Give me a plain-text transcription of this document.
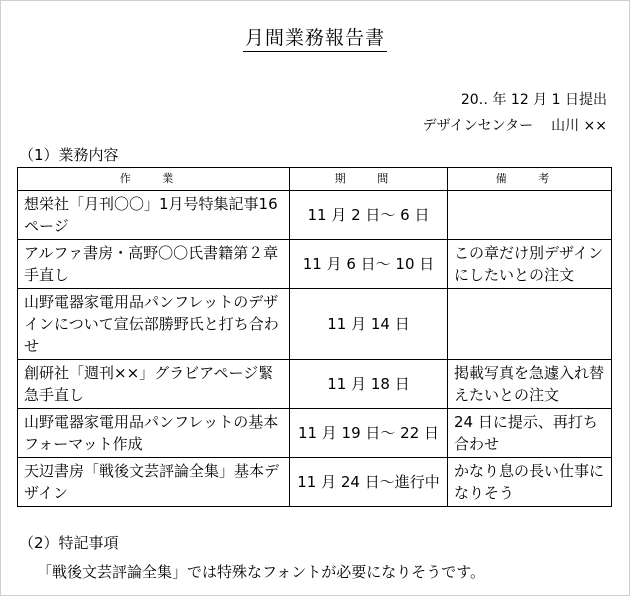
月間業務報告書
20‥ 年 12 月 1 日提出
デザインセンター 山川 ××
（1）業務内容
作 業	期 間	備 考
想栄社「月刊〇〇」1月号特集記事16ページ	11 月 2 日〜 6 日	
アルファ書房・高野〇〇氏書籍第２章手直し	11 月 6 日〜 10 日	この章だけ別デザインにしたいとの注文
山野電器家電用品パンフレットのデザインについて宣伝部勝野氏と打ち合わせ	11 月 14 日	
創研社「週刊××」グラビアページ緊急手直し	11 月 18 日	掲載写真を急遽入れ替えたいとの注文
山野電器家電用品パンフレットの基本フォーマット作成	11 月 19 日〜 22 日	24 日に提示、再打ち合わせ
天辺書房「戦後文芸評論全集」基本デザイン	11 月 24 日〜進行中	かなり息の長い仕事になりそう
（2）特記事項
「戦後文芸評論全集」では特殊なフォントが必要になりそうです。
